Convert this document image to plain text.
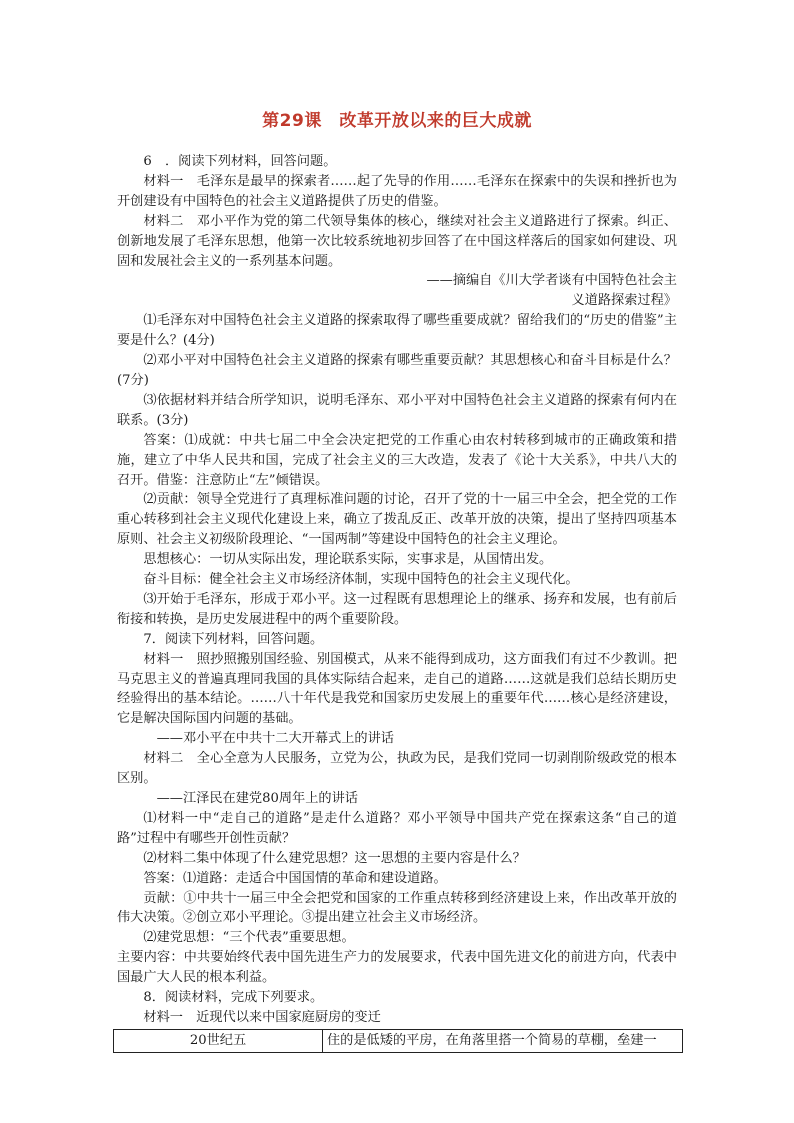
第29课　改革开放以来的巨大成就

6　．阅读下列材料，回答问题。

材料一　毛泽东是最早的探索者……起了先导的作用……毛泽东在探索中的失误和挫折也为开创建设有中国特色的社会主义道路提供了历史的借鉴。

材料二　邓小平作为党的第二代领导集体的核心，继续对社会主义道路进行了探索。纠正、创新地发展了毛泽东思想，他第一次比较系统地初步回答了在中国这样落后的国家如何建设、巩固和发展社会主义的一系列基本问题。

——摘编自《川大学者谈有中国特色社会主义道路探索过程》

⑴毛泽东对中国特色社会主义道路的探索取得了哪些重要成就？留给我们的“历史的借鉴”主要是什么？(4分)

⑵邓小平对中国特色社会主义道路的探索有哪些重要贡献？其思想核心和奋斗目标是什么？(7分)

⑶依据材料并结合所学知识，说明毛泽东、邓小平对中国特色社会主义道路的探索有何内在联系。(3分)

答案：⑴成就：中共七届二中全会决定把党的工作重心由农村转移到城市的正确政策和措施，建立了中华人民共和国，完成了社会主义的三大改造，发表了《论十大关系》，中共八大的召开。借鉴：注意防止“左”倾错误。

⑵贡献：领导全党进行了真理标准问题的讨论，召开了党的十一届三中全会，把全党的工作重心转移到社会主义现代化建设上来，确立了拨乱反正、改革开放的决策，提出了坚持四项基本原则、社会主义初级阶段理论、“一国两制”等建设中国特色的社会主义理论。

思想核心：一切从实际出发，理论联系实际，实事求是，从国情出发。

奋斗目标：健全社会主义市场经济体制，实现中国特色的社会主义现代化。

⑶开始于毛泽东，形成于邓小平。这一过程既有思想理论上的继承、扬弃和发展，也有前后衔接和转换，是历史发展进程中的两个重要阶段。

7．阅读下列材料，回答问题。

材料一　照抄照搬别国经验、别国模式，从来不能得到成功，这方面我们有过不少教训。把马克思主义的普遍真理同我国的具体实际结合起来，走自己的道路……这就是我们总结长期历史经验得出的基本结论。……八十年代是我党和国家历史发展上的重要年代……核心是经济建设，它是解决国际国内问题的基础。

——邓小平在中共十二大开幕式上的讲话

材料二　全心全意为人民服务，立党为公，执政为民，是我们党同一切剥削阶级政党的根本区别。

——江泽民在建党80周年上的讲话

⑴材料一中“走自己的道路”是走什么道路？邓小平领导中国共产党在探索这条“自己的道路”过程中有哪些开创性贡献？

⑵材料二集中体现了什么建党思想？这一思想的主要内容是什么？

答案：⑴道路：走适合中国国情的革命和建设道路。

贡献：①中共十一届三中全会把党和国家的工作重点转移到经济建设上来，作出改革开放的伟大决策。②创立邓小平理论。③提出建立社会主义市场经济。

⑵建党思想：“三个代表”重要思想。

主要内容：中共要始终代表中国先进生产力的发展要求，代表中国先进文化的前进方向，代表中国最广大人民的根本利益。

8．阅读材料，完成下列要求。

材料一　近现代以来中国家庭厨房的变迁

20世纪五	住的是低矮的平房，在角落里搭一个简易的草棚，垒建一
